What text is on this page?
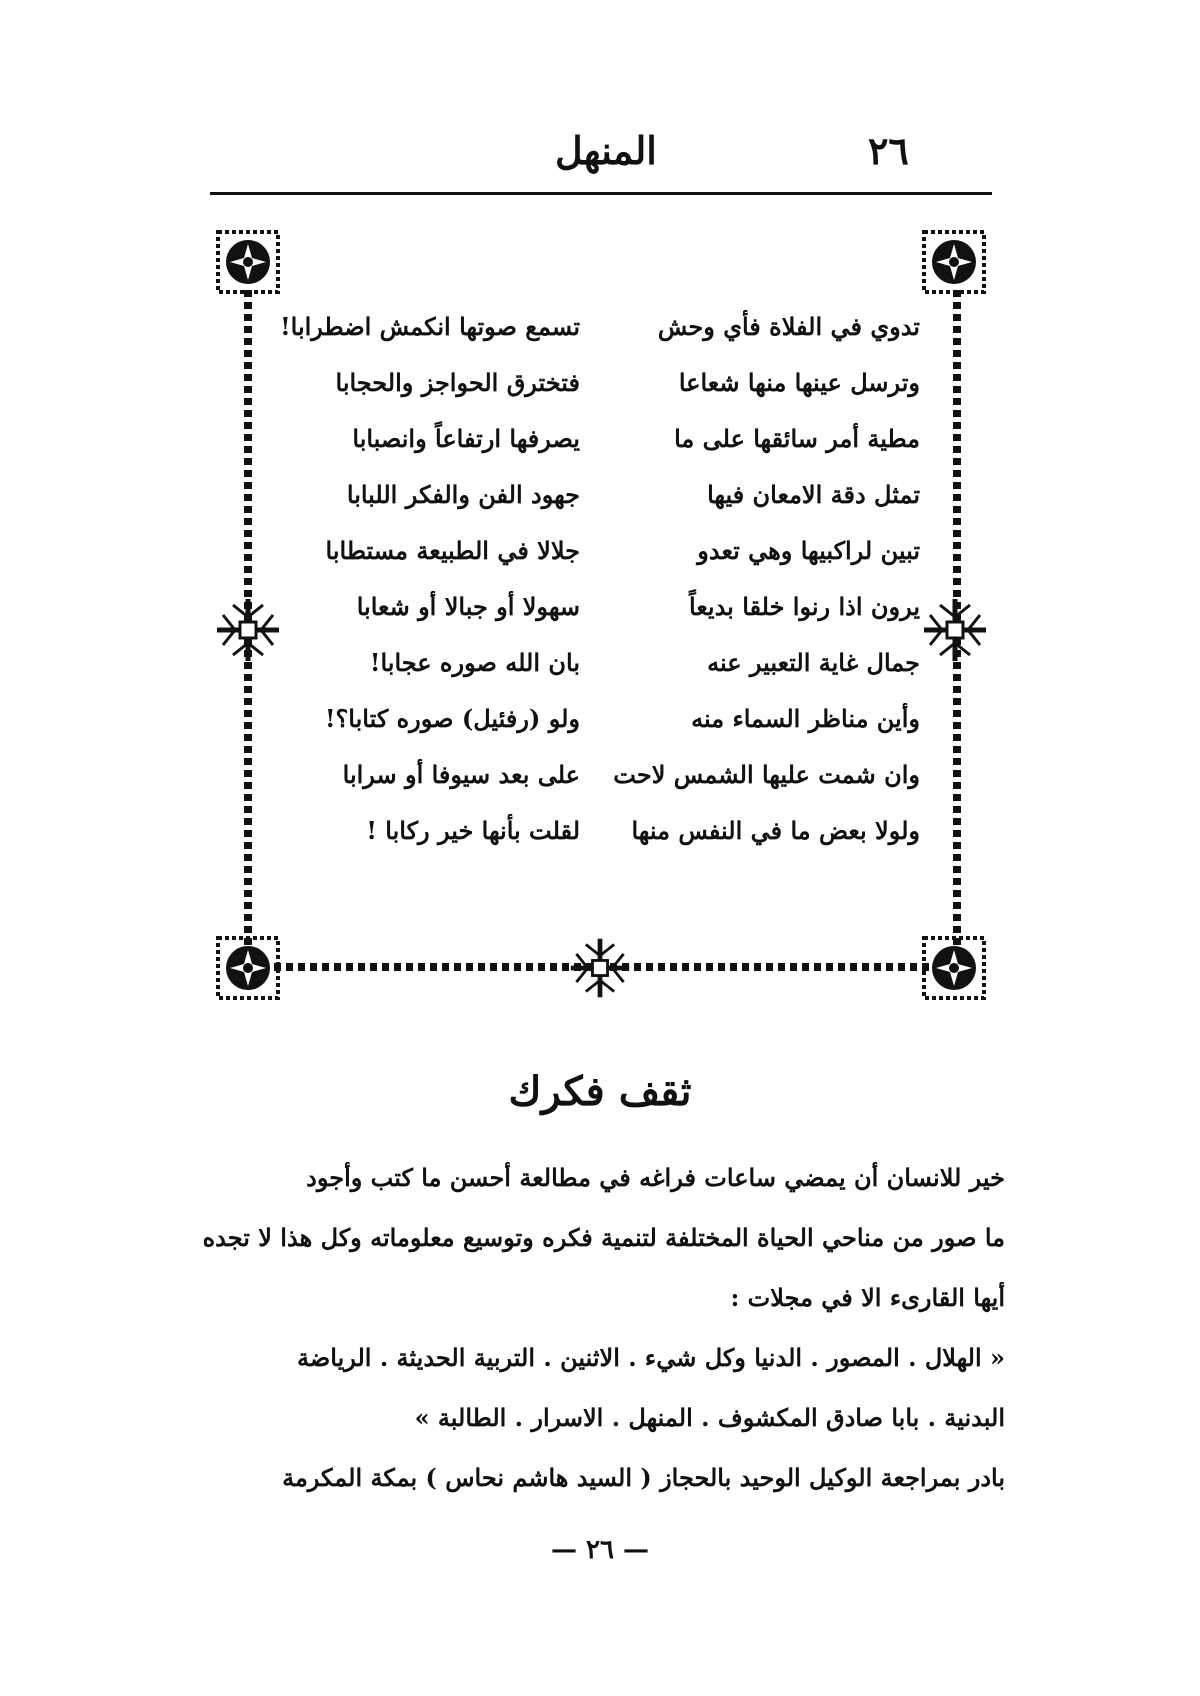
٢٦
المنهل
تدوي في الفلاة فأي وحش
تسمع صوتها انكمش اضطرابا!
وترسل عينها منها شعاعا
فتخترق الحواجز والحجابا
مطية أمر سائقها على ما
يصرفها ارتفاعاً وانصبابا
تمثل دقة الامعان فيها
جهود الفن والفكر اللبابا
تبين لراكبيها وهي تعدو
جلالا في الطبيعة مستطابا
يرون اذا رنوا خلقا بديعاً
سهولا أو جبالا أو شعابا
جمال غاية التعبير عنه
بان الله صوره عجابا!
وأين مناظر السماء منه
ولو (رفئيل) صوره كتابا؟!
وان شمت عليها الشمس لاحت
على بعد سيوفا أو سرابا
ولولا بعض ما في النفس منها
لقلت بأنها خير ركابا !
ثقف فكرك
خير للانسان أن يمضي ساعات فراغه في مطالعة أحسن ما كتب وأجود
ما صور من مناحي الحياة المختلفة لتنمية فكره وتوسيع معلوماته وكل هذا لا تجده
أيها القارىء الا في مجلات :
« الهلال . المصور . الدنيا وكل شيء . الاثنين . التربية الحديثة . الرياضة
البدنية . بابا صادق المكشوف . المنهل . الاسرار . الطالبة »
بادر بمراجعة الوكيل الوحيد بالحجاز ( السيد هاشم نحاس ) بمكة المكرمة
— ٢٦ —
